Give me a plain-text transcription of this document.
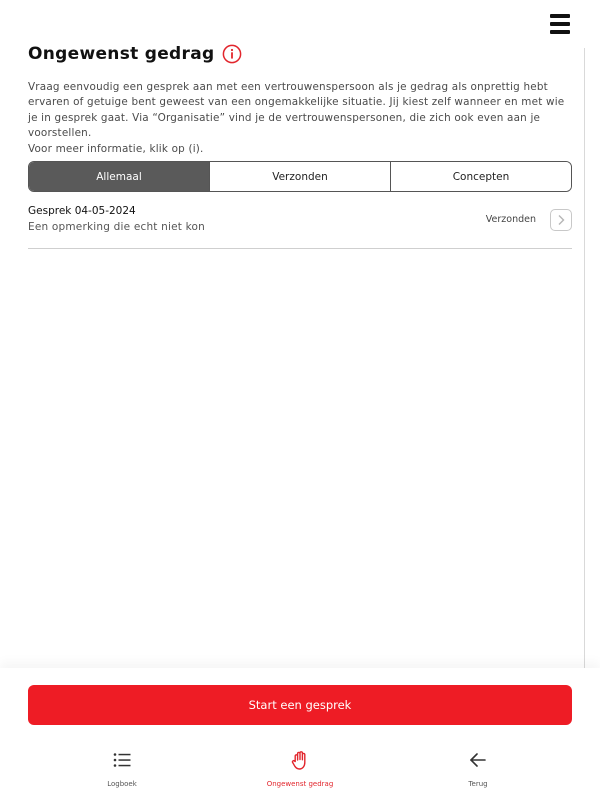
Ongewenst gedrag

Vraag eenvoudig een gesprek aan met een vertrouwenspersoon als je gedrag als onprettig hebt ervaren of getuige bent geweest van een ongemakkelijke situatie. Jij kiest zelf wanneer en met wie je in gesprek gaat. Via “Organisatie” vind je de vertrouwenspersonen, die zich ook even aan je voorstellen.

Voor meer informatie, klik op (i).

Allemaal	Verzonden	Concepten
Gesprek 04-05-2024
Een opmerking die echt niet kon
Verzonden
Start een gesprek
Logboek	Ongewenst gedrag	Terug
